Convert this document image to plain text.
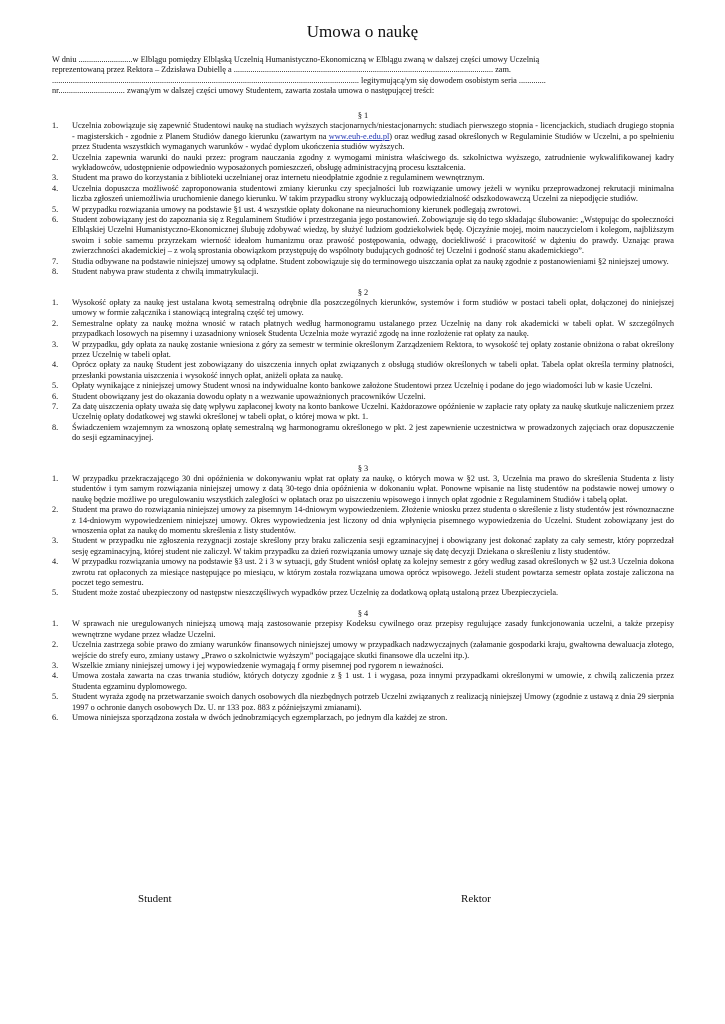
Umowa o naukę

W dniu ..........................w Elblągu pomiędzy Elbląską Uczelnią Humanistyczno-Ekonomiczną w Elblągu zwaną w dalszej części umowy Uczelnią

reprezentowaną przez Rektora – Zdzisława Dubiellę a ............................................................................................................................. zam.

.................................................................................................................................................... legitymującą/ym się dowodem osobistym seria .............

nr................................ zwaną/ym w dalszej części umowy Studentem, zawarta została umowa o następującej treści:

§ 1

1.	Uczelnia zobowiązuje się zapewnić Studentowi naukę na studiach wyższych stacjonarnych/niestacjonarnych: studiach pierwszego stopnia - licencjackich, studiach drugiego stopnia - magisterskich - zgodnie z Planem Studiów danego kierunku (zawartym na www.euh-e.edu.pl) oraz według zasad określonych w Regulaminie Studiów w Uczelni, a po spełnieniu przez Studenta wszystkich wymaganych warunków - wydać dyplom ukończenia studiów wyższych.
2.	Uczelnia zapewnia warunki do nauki przez: program nauczania zgodny z wymogami ministra właściwego ds. szkolnictwa wyższego, zatrudnienie wykwalifikowanej kadry wykładowców, udostępnienie odpowiednio wyposażonych pomieszczeń, obsługę administracyjną procesu kształcenia.
3.	Student ma prawo do korzystania z biblioteki uczelnianej oraz internetu nieodpłatnie zgodnie z regulaminem wewnętrznym.
4.	Uczelnia dopuszcza możliwość zaproponowania studentowi zmiany kierunku czy specjalności lub rozwiązanie umowy jeżeli w wyniku przeprowadzonej rekrutacji minimalna liczba zgłoszeń uniemożliwia uruchomienie danego kierunku. W takim przypadku strony wykluczają odpowiedzialność odszkodowawczą Uczelni za niepodjęcie studiów.
5.	W przypadku rozwiązania umowy na podstawie §1 ust. 4 wszystkie opłaty dokonane na nieuruchomiony kierunek podlegają zwrotowi.
6.	Student zobowiązany jest do zapoznania się z Regulaminem Studiów i przestrzegania jego postanowień. Zobowiązuje się do tego składając ślubowanie: „Wstępując do społeczności Elbląskiej Uczelni Humanistyczno-Ekonomicznej ślubuję zdobywać wiedzę, by służyć ludziom godziekolwiek będę. Ojczyźnie mojej, moim nauczycielom i kolegom, najbliższym swoim i sobie samemu przyrzekam wierność ideałom humanizmu oraz prawość postępowania, odwagę, dociekliwość i pracowitość w dążeniu do prawdy. Uznając prawa zwierzchności akademickiej – z wolą sprostania obowiązkom przystępuję do wspólnoty budujących godność tej Uczelni i godność stanu akademickiego”.
7.	Studia odbywane na podstawie niniejszej umowy są odpłatne. Student zobowiązuje się do terminowego uiszczania opłat za naukę zgodnie z postanowieniami §2 niniejszej umowy.
8.	Student nabywa praw studenta z chwilą immatrykulacji.

§ 2

1.	Wysokość opłaty za naukę jest ustalana kwotą semestralną odrębnie dla poszczególnych kierunków, systemów i form studiów w postaci tabeli opłat, dołączonej do niniejszej umowy w formie załącznika i stanowiącą integralną część tej umowy.
2.	Semestralne opłaty za naukę można wnosić w ratach płatnych według harmonogramu ustalanego przez Uczelnię na dany rok akademicki w tabeli opłat. W szczególnych przypadkach losowych na pisemny i uzasadniony wniosek Studenta Uczelnia może wyrazić zgodę na inne rozłożenie rat opłaty za naukę.
3.	W przypadku, gdy opłata za naukę zostanie wniesiona z góry za semestr w terminie określonym Zarządzeniem Rektora, to wysokość tej opłaty zostanie obniżona o rabat określony przez Uczelnię w tabeli opłat.
4.	Oprócz opłaty za naukę Student jest zobowiązany do uiszczenia innych opłat związanych z obsługą studiów określonych w tabeli opłat. Tabela opłat określa terminy płatności, przesłanki powstania uiszczenia i wysokość innych opłat, aniżeli opłata za naukę.
5.	Opłaty wynikające z niniejszej umowy Student wnosi na indywidualne konto bankowe założone Studentowi przez Uczelnię i podane do jego wiadomości lub w kasie Uczelni.
6.	Student obowiązany jest do okazania dowodu opłaty n a wezwanie upoważnionych pracowników Uczelni.
7.	Za datę uiszczenia opłaty uważa się datę wpływu zapłaconej kwoty na konto bankowe Uczelni. Każdorazowe opóźnienie w zapłacie raty opłaty za naukę skutkuje naliczeniem przez Uczelnię opłaty dodatkowej wg stawki określonej w tabeli opłat, o której mowa w pkt. 1.
8.	Świadczeniem wzajemnym za wnoszoną opłatę semestralną wg harmonogramu określonego w pkt. 2 jest zapewnienie uczestnictwa w prowadzonych zajęciach oraz dopuszczenie do sesji egzaminacyjnej.

§ 3

1.	W przypadku przekraczającego 30 dni opóźnienia w dokonywaniu wpłat rat opłaty za naukę, o których mowa w §2 ust. 3, Uczelnia ma prawo do skreślenia Studenta z listy studentów i tym samym rozwiązania niniejszej umowy z datą 30-tego dnia opóźnienia w dokonaniu wpłat. Ponowne wpisanie na listę studentów na podstawie nowej umowy o naukę będzie możliwe po uregulowaniu wszystkich zaległości w opłatach oraz po uiszczeniu wpisowego i innych opłat zgodnie z Regulaminem Studiów i tabelą opłat.
2.	Student ma prawo do rozwiązania niniejszej umowy za pisemnym 14-dniowym wypowiedzeniem. Złożenie wniosku przez studenta o skreślenie z listy studentów jest równoznaczne z 14-dniowym wypowiedzeniem niniejszej umowy. Okres wypowiedzenia jest liczony od dnia wpłynięcia pisemnego wypowiedzenia do Uczelni. Student zobowiązany jest do wnoszenia opłat za naukę do momentu skreślenia z listy studentów.
3.	Student w przypadku nie zgłoszenia rezygnacji zostaje skreślony przy braku zaliczenia sesji egzaminacyjnej i obowiązany jest dokonać zapłaty za cały semestr, który poprzedzał sesję egzaminacyjną, której student nie zaliczył. W takim przypadku za dzień rozwiązania umowy uznaje się datę decyzji Dziekana o skreśleniu z listy studentów.
4.	W przypadku rozwiązania umowy na podstawie §3 ust. 2 i 3 w sytuacji, gdy Student wniósł opłatę za kolejny semestr z góry według zasad określonych w §2 ust.3 Uczelnia dokona zwrotu rat opłaconych za miesiące następujące po miesiącu, w którym została rozwiązana umowa oprócz wpisowego. Jeżeli student powtarza semestr opłata zostaje zaliczona na poczet tego semestru.
5.	Student może zostać ubezpieczony od następstw nieszczęśliwych wypadków przez Uczelnię za dodatkową opłatą ustaloną przez Ubezpieczyciela.

§ 4

1.	W sprawach nie uregulowanych niniejszą umową mają zastosowanie przepisy Kodeksu cywilnego oraz przepisy regulujące zasady funkcjonowania uczelni, a także przepisy wewnętrzne wydane przez władze Uczelni.
2.	Uczelnia zastrzega sobie prawo do zmiany warunków finansowych niniejszej umowy w przypadkach nadzwyczajnych (załamanie gospodarki kraju, gwałtowna dewaluacja złotego, wejście do strefy euro, zmiany ustawy „Prawo o szkolnictwie wyższym” pociągające skutki finansowe dla uczelni itp.).
3.	Wszelkie zmiany niniejszej umowy i jej wypowiedzenie wymagają f ormy pisemnej pod rygorem n ieważności.
4.	Umowa została zawarta na czas trwania studiów, których dotyczy zgodnie z § 1 ust. 1 i wygasa, poza innymi przypadkami określonymi w umowie, z chwilą zaliczenia przez Studenta egzaminu dyplomowego.
5.	Student wyraża zgodę na przetwarzanie swoich danych osobowych dla niezbędnych potrzeb Uczelni związanych z realizacją niniejszej Umowy (zgodnie z ustawą z dnia 29 sierpnia 1997 o ochronie danych osobowych Dz. U. nr 133 poz. 883 z późniejszymi zmianami).
6.	Umowa niniejsza sporządzona została w dwóch jednobrzmiących egzemplarzach, po jednym dla każdej ze stron.
Student	Rektor
